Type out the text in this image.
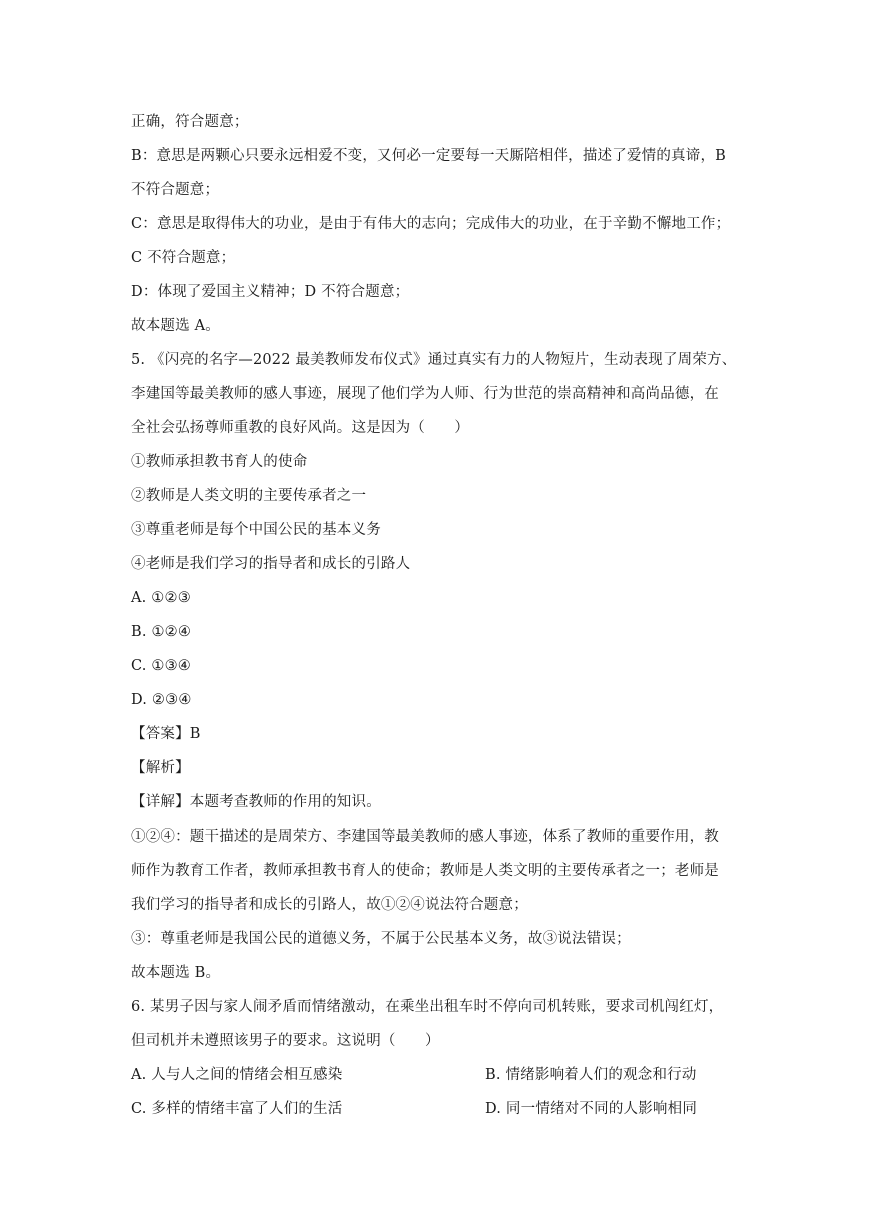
正确，符合题意；
B：意思是两颗心只要永远相爱不变，又何必一定要每一天厮陪相伴，描述了爱情的真谛，B
不符合题意；
C：意思是取得伟大的功业，是由于有伟大的志向；完成伟大的功业，在于辛勤不懈地工作；
C 不符合题意；
D：体现了爱国主义精神；D 不符合题意；
故本题选 A。
5. 《闪亮的名字—2022 最美教师发布仪式》通过真实有力的人物短片，生动表现了周荣方、
李建国等最美教师的感人事迹，展现了他们学为人师、行为世范的崇高精神和高尚品德，在
全社会弘扬尊师重教的良好风尚。这是因为（　　）
①教师承担教书育人的使命
②教师是人类文明的主要传承者之一
③尊重老师是每个中国公民的基本义务
④老师是我们学习的指导者和成长的引路人
A. ①②③
B. ①②④
C. ①③④
D. ②③④
【答案】B
【解析】
【详解】本题考查教师的作用的知识。
①②④：题干描述的是周荣方、李建国等最美教师的感人事迹，体系了教师的重要作用，教
师作为教育工作者，教师承担教书育人的使命；教师是人类文明的主要传承者之一；老师是
我们学习的指导者和成长的引路人，故①②④说法符合题意；
③：尊重老师是我国公民的道德义务，不属于公民基本义务，故③说法错误；
故本题选 B。
6. 某男子因与家人闹矛盾而情绪激动，在乘坐出租车时不停向司机转账，要求司机闯红灯，
但司机并未遵照该男子的要求。这说明（　　）
A. 人与人之间的情绪会相互感染	B. 情绪影响着人们的观念和行动
C. 多样的情绪丰富了人们的生活	D. 同一情绪对不同的人影响相同
